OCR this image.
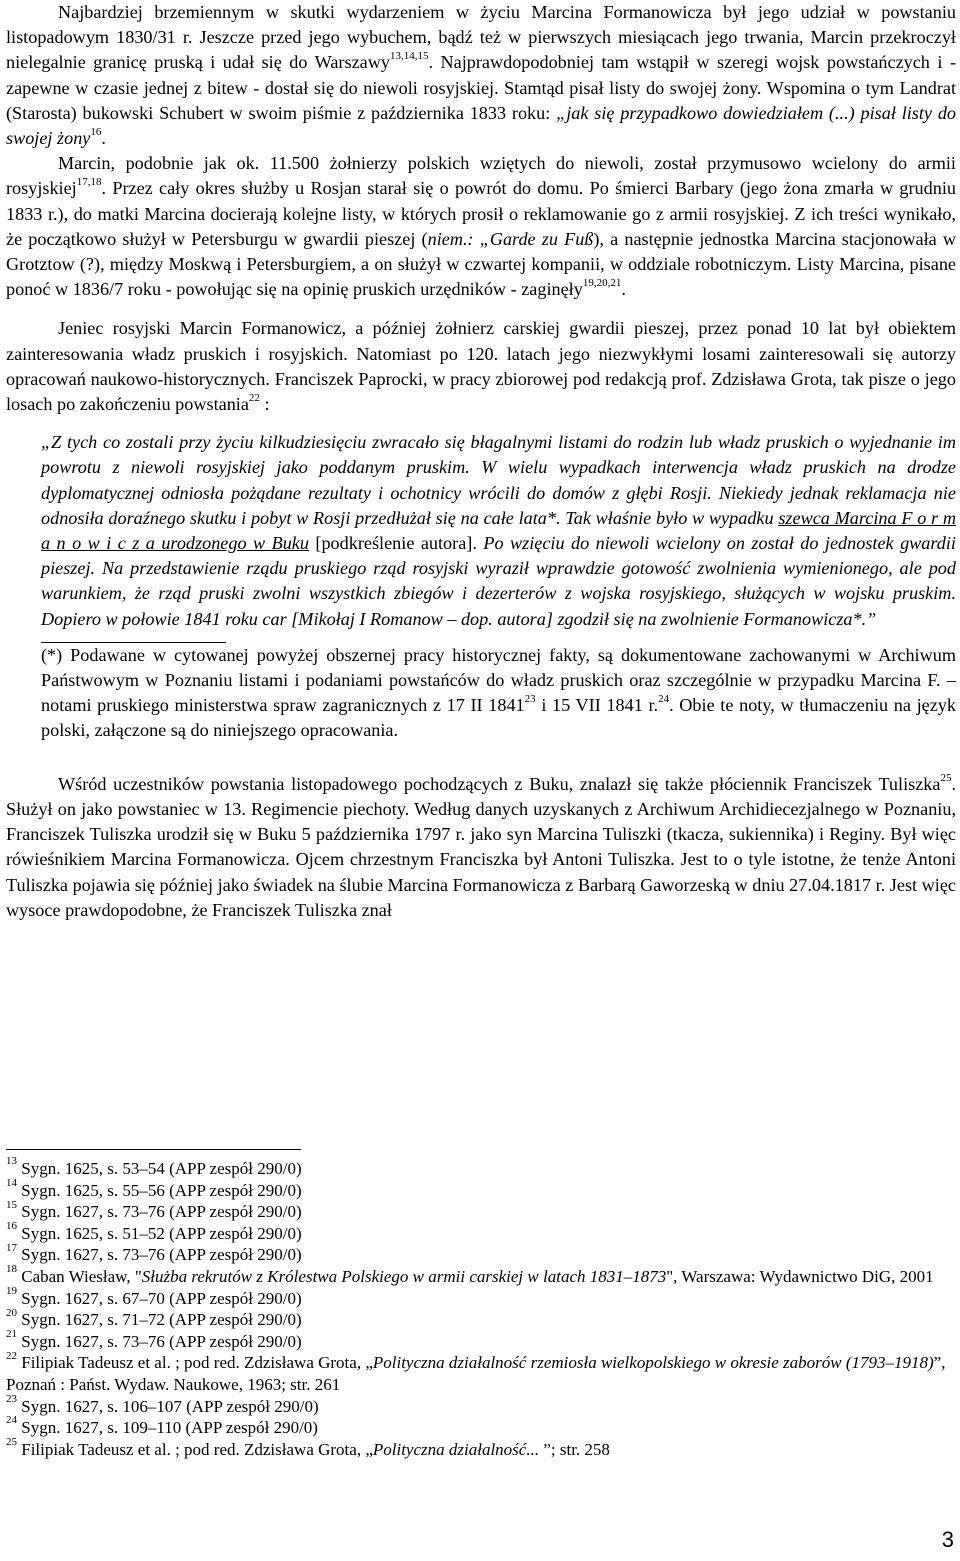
Najbardziej brzemiennym w skutki wydarzeniem w życiu Marcina Formanowicza był jego udział w powstaniu listopadowym 1830/31 r. Jeszcze przed jego wybuchem, bądź też w pierwszych miesiącach jego trwania, Marcin przekroczył nielegalnie granicę pruską i udał się do Warszawy$^{13,14,15}$. Najprawdopodobniej tam wstąpił w szeregi wojsk powstańczych i - zapewne w czasie jednej z bitew - dostał się do niewoli rosyjskiej. Stamtąd pisał listy do swojej żony. Wspomina o tym Landrat (Starosta) bukowski Schubert w swoim piśmie z października 1833 roku: „jak się przypadkowo dowiedziałem (...) pisał listy do swojej żony$^{16}$.

Marcin, podobnie jak ok. 11.500 żołnierzy polskich wziętych do niewoli, został przymusowo wcielony do armii rosyjskiej$^{17,18}$. Przez cały okres służby u Rosjan starał się o powrót do domu. Po śmierci Barbary (jego żona zmarła w grudniu 1833 r.), do matki Marcina docierają kolejne listy, w których prosił o reklamowanie go z armii rosyjskiej. Z ich treści wynikało, że początkowo służył w Petersburgu w gwardii pieszej (niem.: „Garde zu Fuß), a następnie jednostka Marcina stacjonowała w Grotztow (?), między Moskwą i Petersburgiem, a on służył w czwartej kompanii, w oddziale robotniczym. Listy Marcina, pisane ponoć w 1836/7 roku - powołując się na opinię pruskich urzędników - zaginęły$^{19,20,21}$.

Jeniec rosyjski Marcin Formanowicz, a później żołnierz carskiej gwardii pieszej, przez ponad 10 lat był obiektem zainteresowania władz pruskich i rosyjskich. Natomiast po 120. latach jego niezwykłymi losami zainteresowali się autorzy opracowań naukowo-historycznych. Franciszek Paprocki, w pracy zbiorowej pod redakcją prof. Zdzisława Grota, tak pisze o jego losach po zakończeniu powstania$^{22}$ :

„Z tych co zostali przy życiu kilkudziesięciu zwracało się błagalnymi listami do rodzin lub władz pruskich o wyjednanie im powrotu z niewoli rosyjskiej jako poddanym pruskim. W wielu wypadkach interwencja władz pruskich na drodze dyplomatycznej odniosła pożądane rezultaty i ochotnicy wrócili do domów z głębi Rosji. Niekiedy jednak reklamacja nie odnosiła doraźnego skutku i pobyt w Rosji przedłużał się na całe lata*. Tak właśnie było w wypadku szewca Marcina F o r m a n o w i c z a urodzonego w Buku [podkreślenie autora]. Po wzięciu do niewoli wcielony on został do jednostek gwardii pieszej. Na przedstawienie rządu pruskiego rząd rosyjski wyraził wprawdzie gotowość zwolnienia wymienionego, ale pod warunkiem, że rząd pruski zwolni wszystkich zbiegów i dezerterów z wojska rosyjskiego, służących w wojsku pruskim. Dopiero w połowie 1841 roku car [Mikołaj I Romanow – dop. autora] zgodził się na zwolnienie Formanowicza*.”

(*) Podawane w cytowanej powyżej obszernej pracy historycznej fakty, są dokumentowane zachowanymi w Archiwum Państwowym w Poznaniu listami i podaniami powstańców do władz pruskich oraz szczególnie w przypadku Marcina F. – notami pruskiego ministerstwa spraw zagranicznych z 17 II 1841$^{23}$ i 15 VII 1841 r.$^{24}$. Obie te noty, w tłumaczeniu na język polski, załączone są do niniejszego opracowania.

Wśród uczestników powstania listopadowego pochodzących z Buku, znalazł się także płóciennik Franciszek Tuliszka$^{25}$. Służył on jako powstaniec w 13. Regimencie piechoty. Według danych uzyskanych z Archiwum Archidiecezjalnego w Poznaniu, Franciszek Tuliszka urodził się w Buku 5 października 1797 r. jako syn Marcina Tuliszki (tkacza, sukiennika) i Reginy. Był więc rówieśnikiem Marcina Formanowicza. Ojcem chrzestnym Franciszka był Antoni Tuliszka. Jest to o tyle istotne, że tenże Antoni Tuliszka pojawia się później jako świadek na ślubie Marcina Formanowicza z Barbarą Gaworzeską w dniu 27.04.1817 r. Jest więc wysoce prawdopodobne, że Franciszek Tuliszka znał

$^{13}$ Sygn. 1625, s. 53–54 (APP zespół 290/0)
$^{14}$ Sygn. 1625, s. 55–56 (APP zespół 290/0)
$^{15}$ Sygn. 1627, s. 73–76 (APP zespół 290/0)
$^{16}$ Sygn. 1625, s. 51–52 (APP zespół 290/0)
$^{17}$ Sygn. 1627, s. 73–76 (APP zespół 290/0)
$^{18}$ Caban Wiesław, "Służba rekrutów z Królestwa Polskiego w armii carskiej w latach 1831–1873", Warszawa: Wydawnictwo DiG, 2001
$^{19}$ Sygn. 1627, s. 67–70 (APP zespół 290/0)
$^{20}$ Sygn. 1627, s. 71–72 (APP zespół 290/0)
$^{21}$ Sygn. 1627, s. 73–76 (APP zespół 290/0)
$^{22}$ Filipiak Tadeusz et al. ; pod red. Zdzisława Grota, „Polityczna działalność rzemiosła wielkopolskiego w okresie zaborów (1793–1918)”, Poznań : Państ. Wydaw. Naukowe, 1963; str. 261
$^{23}$ Sygn. 1627, s. 106–107 (APP zespół 290/0)
$^{24}$ Sygn. 1627, s. 109–110 (APP zespół 290/0)
$^{25}$ Filipiak Tadeusz et al. ; pod red. Zdzisława Grota, „Polityczna działalność... ”; str. 258
3
